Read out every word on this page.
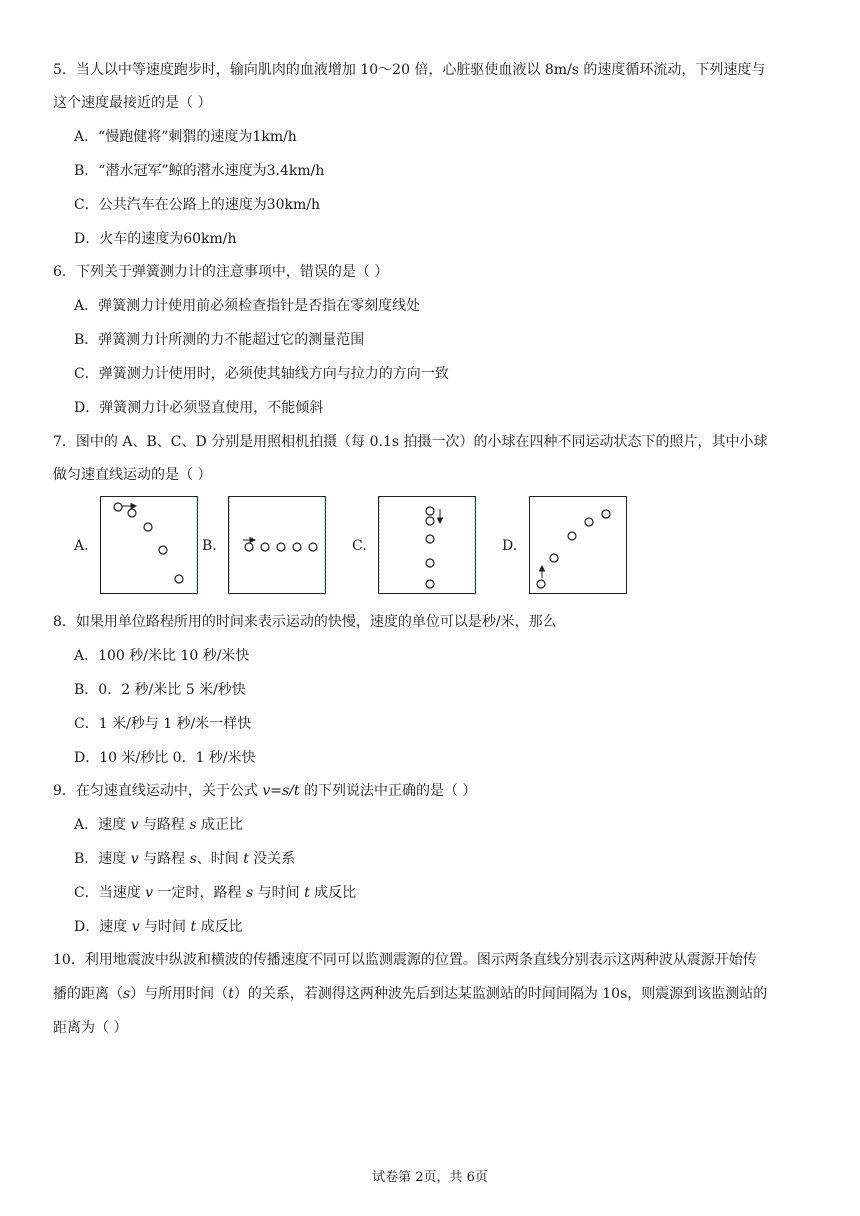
5．当人以中等速度跑步时，输向肌肉的血液增加 10～20 倍，心脏驱使血液以 8m/s 的速度循环流动，下列速度与
这个速度最接近的是（ ）
A．“慢跑健将”刺猬的速度为1km/h
B．“潜水冠军”鲸的潜水速度为3.4km/h
C．公共汽车在公路上的速度为30km/h
D．火车的速度为60km/h
6．下列关于弹簧测力计的注意事项中，错误的是（ ）
A．弹簧测力计使用前必须检查指针是否指在零刻度线处
B．弹簧测力计所测的力不能超过它的测量范围
C．弹簧测力计使用时，必须使其轴线方向与拉力的方向一致
D．弹簧测力计必须竖直使用，不能倾斜
7．图中的 A、B、C、D 分别是用照相机拍摄（每 0.1s 拍摄一次）的小球在四种不同运动状态下的照片，其中小球
做匀速直线运动的是（ ）
A.	B.	C.	D.
8．如果用单位路程所用的时间来表示运动的快慢，速度的单位可以是秒/米，那么
A．100 秒/米比 10 秒/米快
B．0．2 秒/米比 5 米/秒快
C．1 米/秒与 1 秒/米一样快
D．10 米/秒比 0．1 秒/米快
9．在匀速直线运动中，关于公式 v=s/t 的下列说法中正确的是（ ）
A．速度 v 与路程 s 成正比
B．速度 v 与路程 s、时间 t 没关系
C．当速度 v 一定时，路程 s 与时间 t 成反比
D．速度 v 与时间 t 成反比
10．利用地震波中纵波和横波的传播速度不同可以监测震源的位置。图示两条直线分别表示这两种波从震源开始传
播的距离（s）与所用时间（t）的关系，若测得这两种波先后到达某监测站的时间间隔为 10s，则震源到该监测站的
距离为（ ）
试卷第 2页，共 6页
